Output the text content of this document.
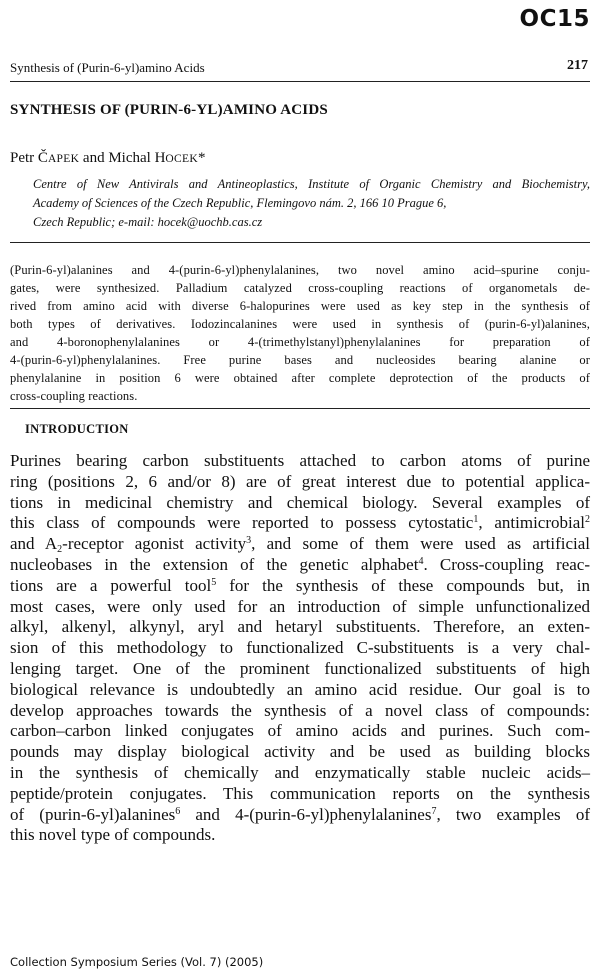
OC15
Synthesis of (Purin-6-yl)amino Acids	217
SYNTHESIS OF (PURIN-6-YL)AMINO ACIDS
Petr ČAPEK and Michal HOCEK*
Centre of New Antivirals and Antineoplastics, Institute of Organic Chemistry and Biochemistry,
Academy of Sciences of the Czech Republic, Flemingovo nám. 2, 166 10 Prague 6,
Czech Republic; e-mail: hocek@uochb.cas.cz
(Purin-6-yl)alanines and 4-(purin-6-yl)phenylalanines, two novel amino acid–spurine conju-
gates, were synthesized. Palladium catalyzed cross-coupling reactions of organometals de-
rived from amino acid with diverse 6-halopurines were used as key step in the synthesis of
both types of derivatives. Iodozincalanines were used in synthesis of (purin-6-yl)alanines,
and 4-boronophenylalanines or 4-(trimethylstanyl)phenylalanines for preparation of
4-(purin-6-yl)phenylalanines. Free purine bases and nucleosides bearing alanine or
phenylalanine in position 6 were obtained after complete deprotection of the products of
cross-coupling reactions.
INTRODUCTION
Purines bearing carbon substituents attached to carbon atoms of purine
ring (positions 2, 6 and/or 8) are of great interest due to potential applica-
tions in medicinal chemistry and chemical biology. Several examples of
this class of compounds were reported to possess cytostatic$^1$, antimicrobial$^2$
and $A_2$-receptor agonist activity$^3$, and some of them were used as artificial
nucleobases in the extension of the genetic alphabet$^4$. Cross-coupling reac-
tions are a powerful tool$^5$ for the synthesis of these compounds but, in
most cases, were only used for an introduction of simple unfunctionalized
alkyl, alkenyl, alkynyl, aryl and hetaryl substituents. Therefore, an exten-
sion of this methodology to functionalized C-substituents is a very chal-
lenging target. One of the prominent functionalized substituents of high
biological relevance is undoubtedly an amino acid residue. Our goal is to
develop approaches towards the synthesis of a novel class of compounds:
carbon–carbon linked conjugates of amino acids and purines. Such com-
pounds may display biological activity and be used as building blocks
in the synthesis of chemically and enzymatically stable nucleic acids–
peptide/protein conjugates. This communication reports on the synthesis
of (purin-6-yl)alanines$^6$ and 4-(purin-6-yl)phenylalanines$^7$, two examples of
this novel type of compounds.
Collection Symposium Series (Vol. 7) (2005)
